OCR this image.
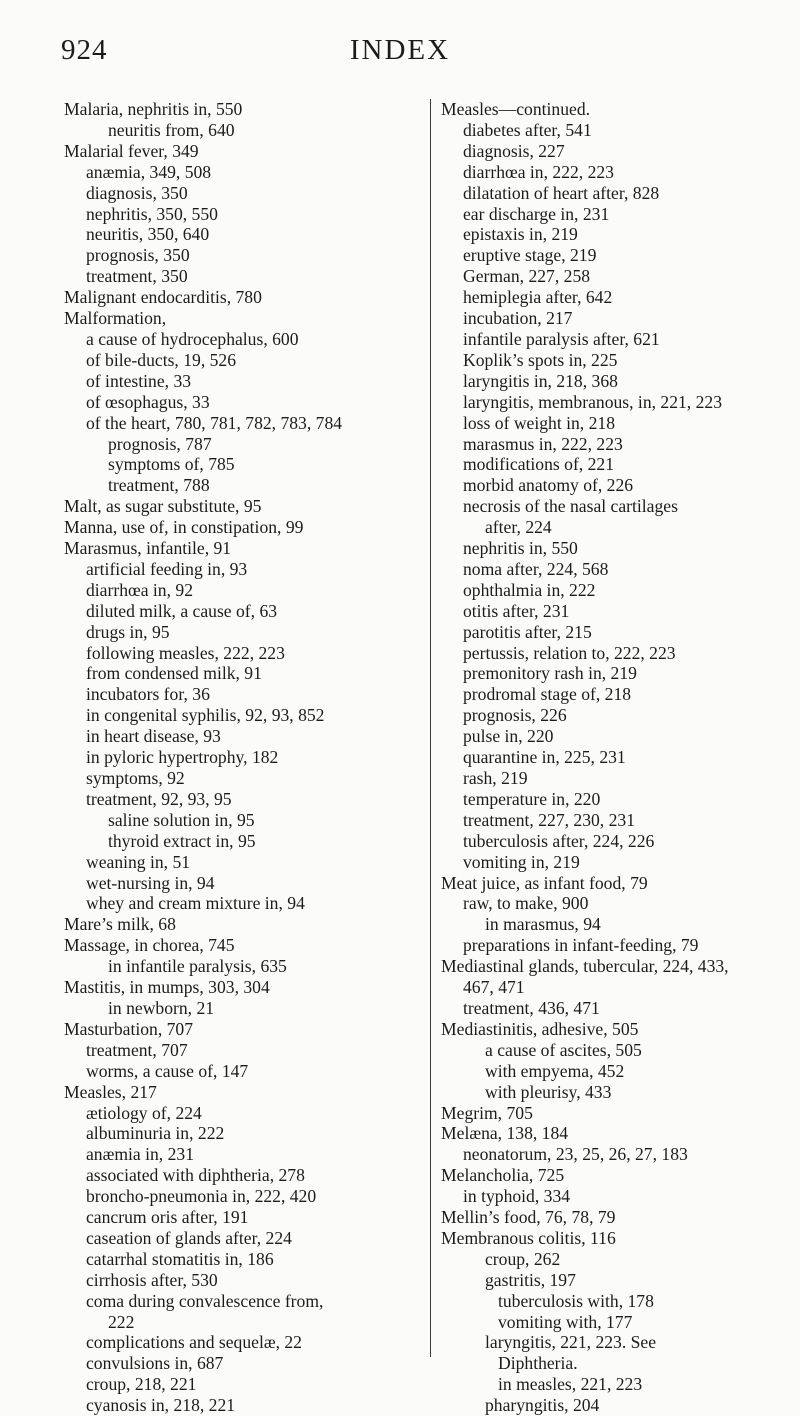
924	INDEX
Malaria, nephritis in, 550
neuritis from, 640
Malarial fever, 349
anæmia, 349, 508
diagnosis, 350
nephritis, 350, 550
neuritis, 350, 640
prognosis, 350
treatment, 350
Malignant endocarditis, 780
Malformation,
a cause of hydrocephalus, 600
of bile-ducts, 19, 526
of intestine, 33
of œsophagus, 33
of the heart, 780, 781, 782, 783, 784
prognosis, 787
symptoms of, 785
treatment, 788
Malt, as sugar substitute, 95
Manna, use of, in constipation, 99
Marasmus, infantile, 91
artificial feeding in, 93
diarrhœa in, 92
diluted milk, a cause of, 63
drugs in, 95
following measles, 222, 223
from condensed milk, 91
incubators for, 36
in congenital syphilis, 92, 93, 852
in heart disease, 93
in pyloric hypertrophy, 182
symptoms, 92
treatment, 92, 93, 95
saline solution in, 95
thyroid extract in, 95
weaning in, 51
wet-nursing in, 94
whey and cream mixture in, 94
Mare’s milk, 68
Massage, in chorea, 745
in infantile paralysis, 635
Mastitis, in mumps, 303, 304
in newborn, 21
Masturbation, 707
treatment, 707
worms, a cause of, 147
Measles, 217
ætiology of, 224
albuminuria in, 222
anæmia in, 231
associated with diphtheria, 278
broncho-pneumonia in, 222, 420
cancrum oris after, 191
caseation of glands after, 224
catarrhal stomatitis in, 186
cirrhosis after, 530
coma during convalescence from,
222
complications and sequelæ, 22
convulsions in, 687
croup, 218, 221
cyanosis in, 218, 221
Measles—continued.
diabetes after, 541
diagnosis, 227
diarrhœa in, 222, 223
dilatation of heart after, 828
ear discharge in, 231
epistaxis in, 219
eruptive stage, 219
German, 227, 258
hemiplegia after, 642
incubation, 217
infantile paralysis after, 621
Koplik’s spots in, 225
laryngitis in, 218, 368
laryngitis, membranous, in, 221, 223
loss of weight in, 218
marasmus in, 222, 223
modifications of, 221
morbid anatomy of, 226
necrosis of the nasal cartilages
after, 224
nephritis in, 550
noma after, 224, 568
ophthalmia in, 222
otitis after, 231
parotitis after, 215
pertussis, relation to, 222, 223
premonitory rash in, 219
prodromal stage of, 218
prognosis, 226
pulse in, 220
quarantine in, 225, 231
rash, 219
temperature in, 220
treatment, 227, 230, 231
tuberculosis after, 224, 226
vomiting in, 219
Meat juice, as infant food, 79
raw, to make, 900
in marasmus, 94
preparations in infant-feeding, 79
Mediastinal glands, tubercular, 224, 433,
467, 471
treatment, 436, 471
Mediastinitis, adhesive, 505
a cause of ascites, 505
with empyema, 452
with pleurisy, 433
Megrim, 705
Melæna, 138, 184
neonatorum, 23, 25, 26, 27, 183
Melancholia, 725
in typhoid, 334
Mellin’s food, 76, 78, 79
Membranous colitis, 116
croup, 262
gastritis, 197
tuberculosis with, 178
vomiting with, 177
laryngitis, 221, 223. See
Diphtheria.
in measles, 221, 223
pharyngitis, 204
